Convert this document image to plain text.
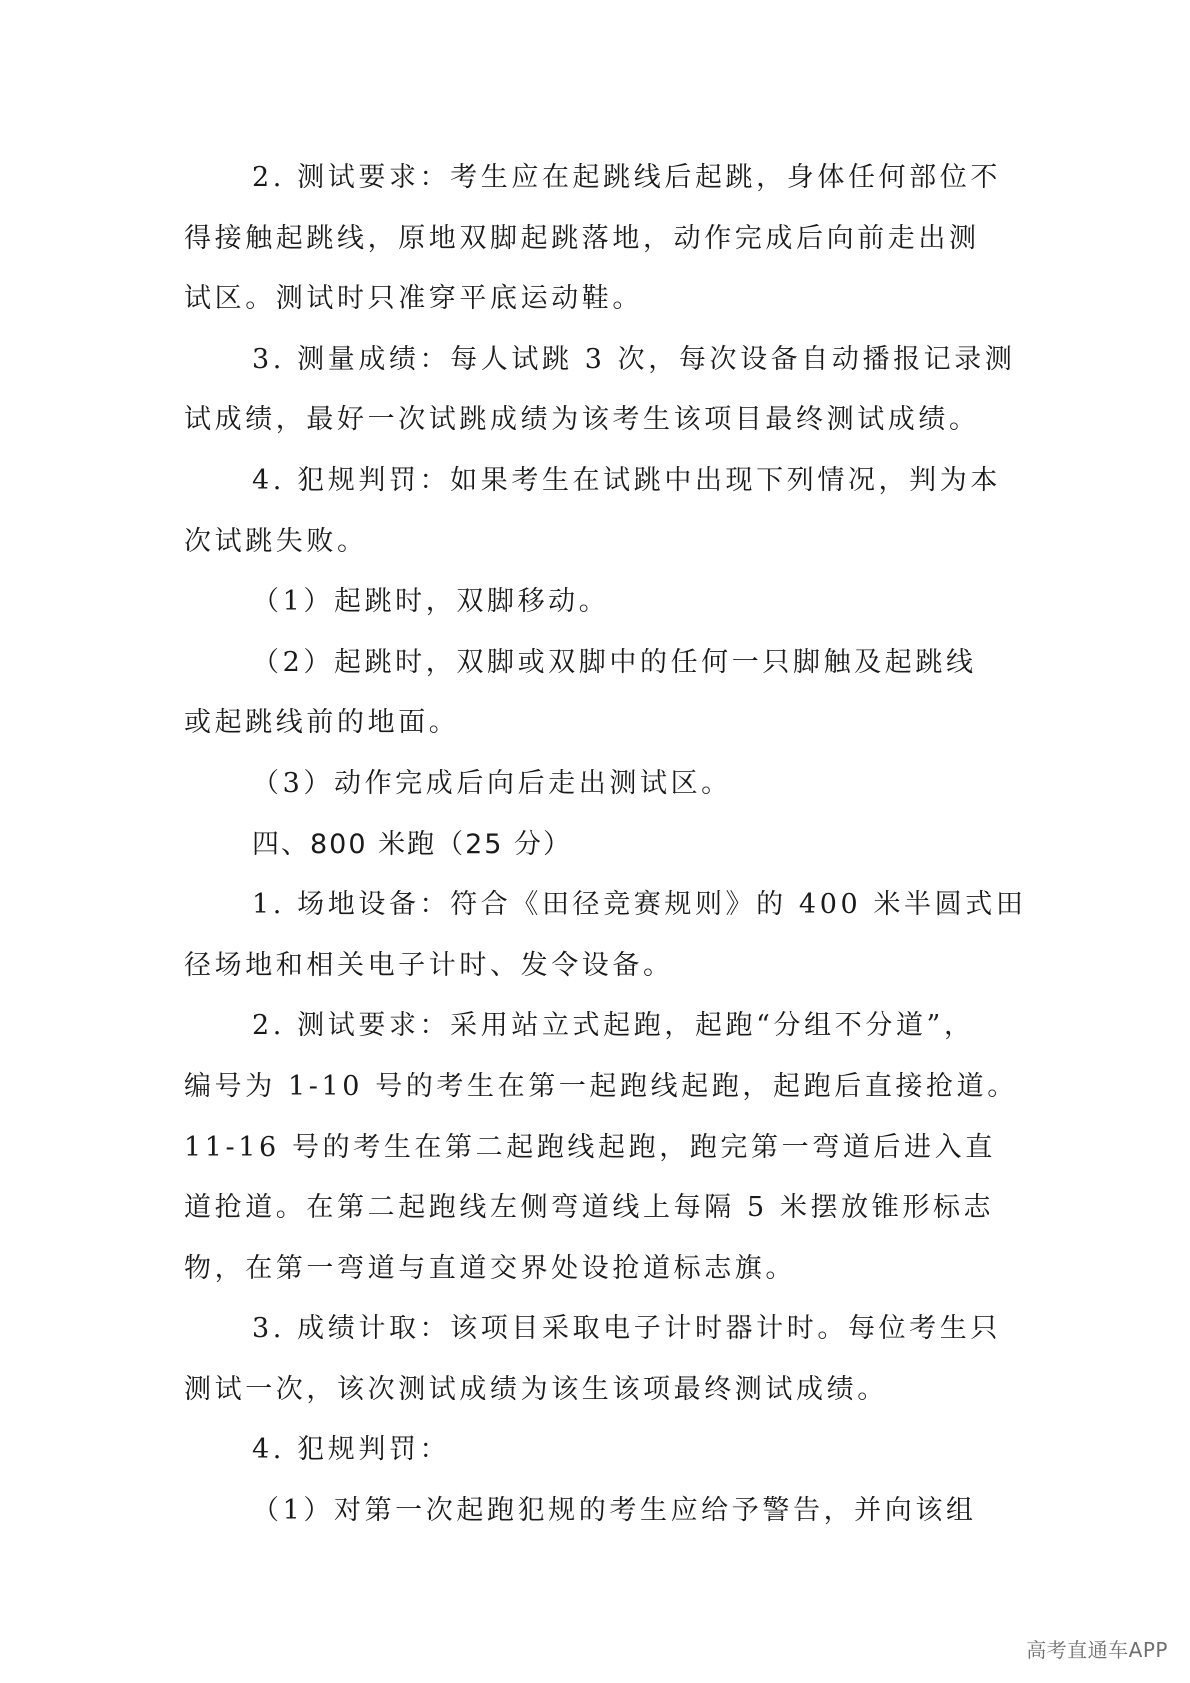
2. 测试要求：考生应在起跳线后起跳，身体任何部位不
得接触起跳线，原地双脚起跳落地，动作完成后向前走出测
试区。测试时只准穿平底运动鞋。
3. 测量成绩：每人试跳 3 次，每次设备自动播报记录测
试成绩，最好一次试跳成绩为该考生该项目最终测试成绩。
4. 犯规判罚：如果考生在试跳中出现下列情况，判为本
次试跳失败。
（1）起跳时，双脚移动。
（2）起跳时，双脚或双脚中的任何一只脚触及起跳线
或起跳线前的地面。
（3）动作完成后向后走出测试区。
四、800 米跑（25 分）
1. 场地设备：符合《田径竞赛规则》的 400 米半圆式田
径场地和相关电子计时、发令设备。
2. 测试要求：采用站立式起跑，起跑“分组不分道”，
编号为 1-10 号的考生在第一起跑线起跑，起跑后直接抢道。
11-16 号的考生在第二起跑线起跑，跑完第一弯道后进入直
道抢道。在第二起跑线左侧弯道线上每隔 5 米摆放锥形标志
物，在第一弯道与直道交界处设抢道标志旗。
3. 成绩计取：该项目采取电子计时器计时。每位考生只
测试一次，该次测试成绩为该生该项最终测试成绩。
4. 犯规判罚：
（1）对第一次起跑犯规的考生应给予警告，并向该组
高考直通车APP
